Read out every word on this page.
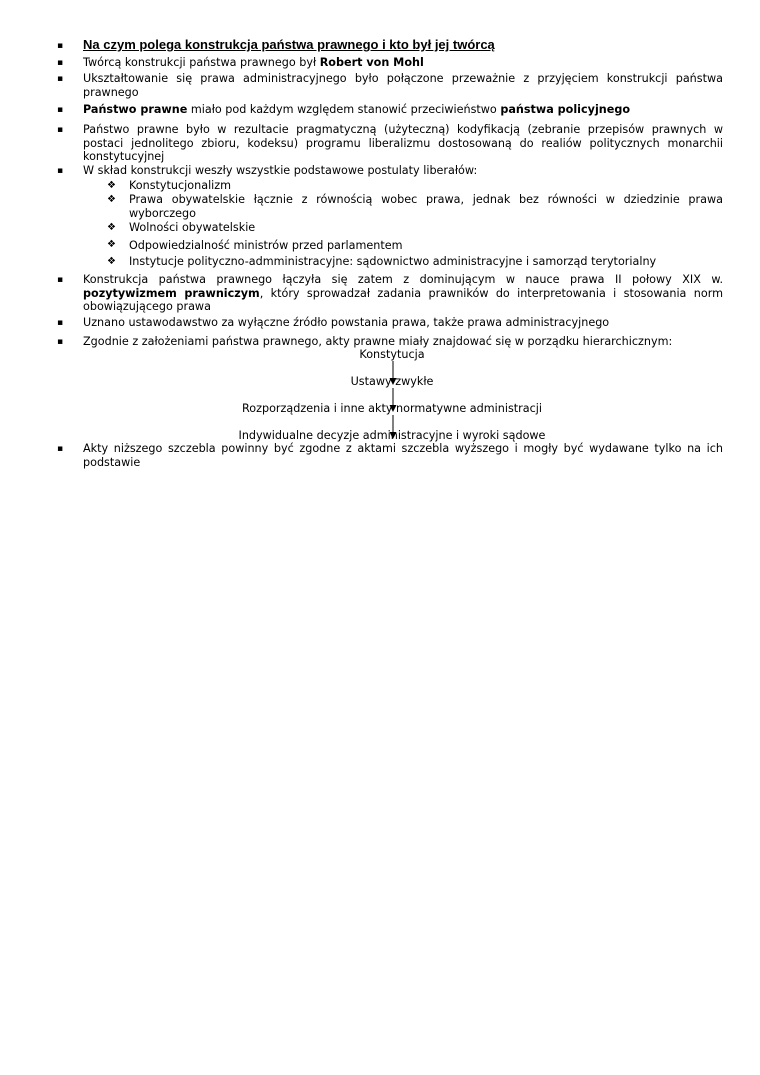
▪ Na czym polega konstrukcja państwa prawnego i kto był jej twórcą
▪ Twórcą konstrukcji państwa prawnego był Robert von Mohl
▪ Ukształtowanie się prawa administracyjnego było połączone przeważnie z przyjęciem konstrukcji państwa prawnego
▪ Państwo prawne miało pod każdym względem stanowić przeciwieństwo państwa policyjnego
▪ Państwo prawne było w rezultacie pragmatyczną (użyteczną) kodyfikacją (zebranie przepisów prawnych w postaci jednolitego zbioru, kodeksu) programu liberalizmu dostosowaną do realiów politycznych monarchii konstytucyjnej
▪ W skład konstrukcji weszły wszystkie podstawowe postulaty liberałów:
❖ Konstytucjonalizm
❖ Prawa obywatelskie łącznie z równością wobec prawa, jednak bez równości w dziedzinie prawa wyborczego
❖ Wolności obywatelskie
❖ Odpowiedzialność ministrów przed parlamentem
❖ Instytucje polityczno-admministracyjne: sądownictwo administracyjne i samorząd terytorialny
▪ Konstrukcja państwa prawnego łączyła się zatem z dominującym w nauce prawa II połowy XIX w. pozytywizmem prawniczym, który sprowadzał zadania prawników do interpretowania i stosowania norm obowiązującego prawa
▪ Uznano ustawodawstwo za wyłączne źródło powstania prawa, także prawa administracyjnego
▪ Zgodnie z założeniami państwa prawnego, akty prawne miały znajdować się w porządku hierarchicznym:
Konstytucja
Ustawy zwykłe
Rozporządzenia i inne akty normatywne administracji
Indywidualne decyzje administracyjne i wyroki sądowe
▪ Akty niższego szczebla powinny być zgodne z aktami szczebla wyższego i mogły być wydawane tylko na ich podstawie
